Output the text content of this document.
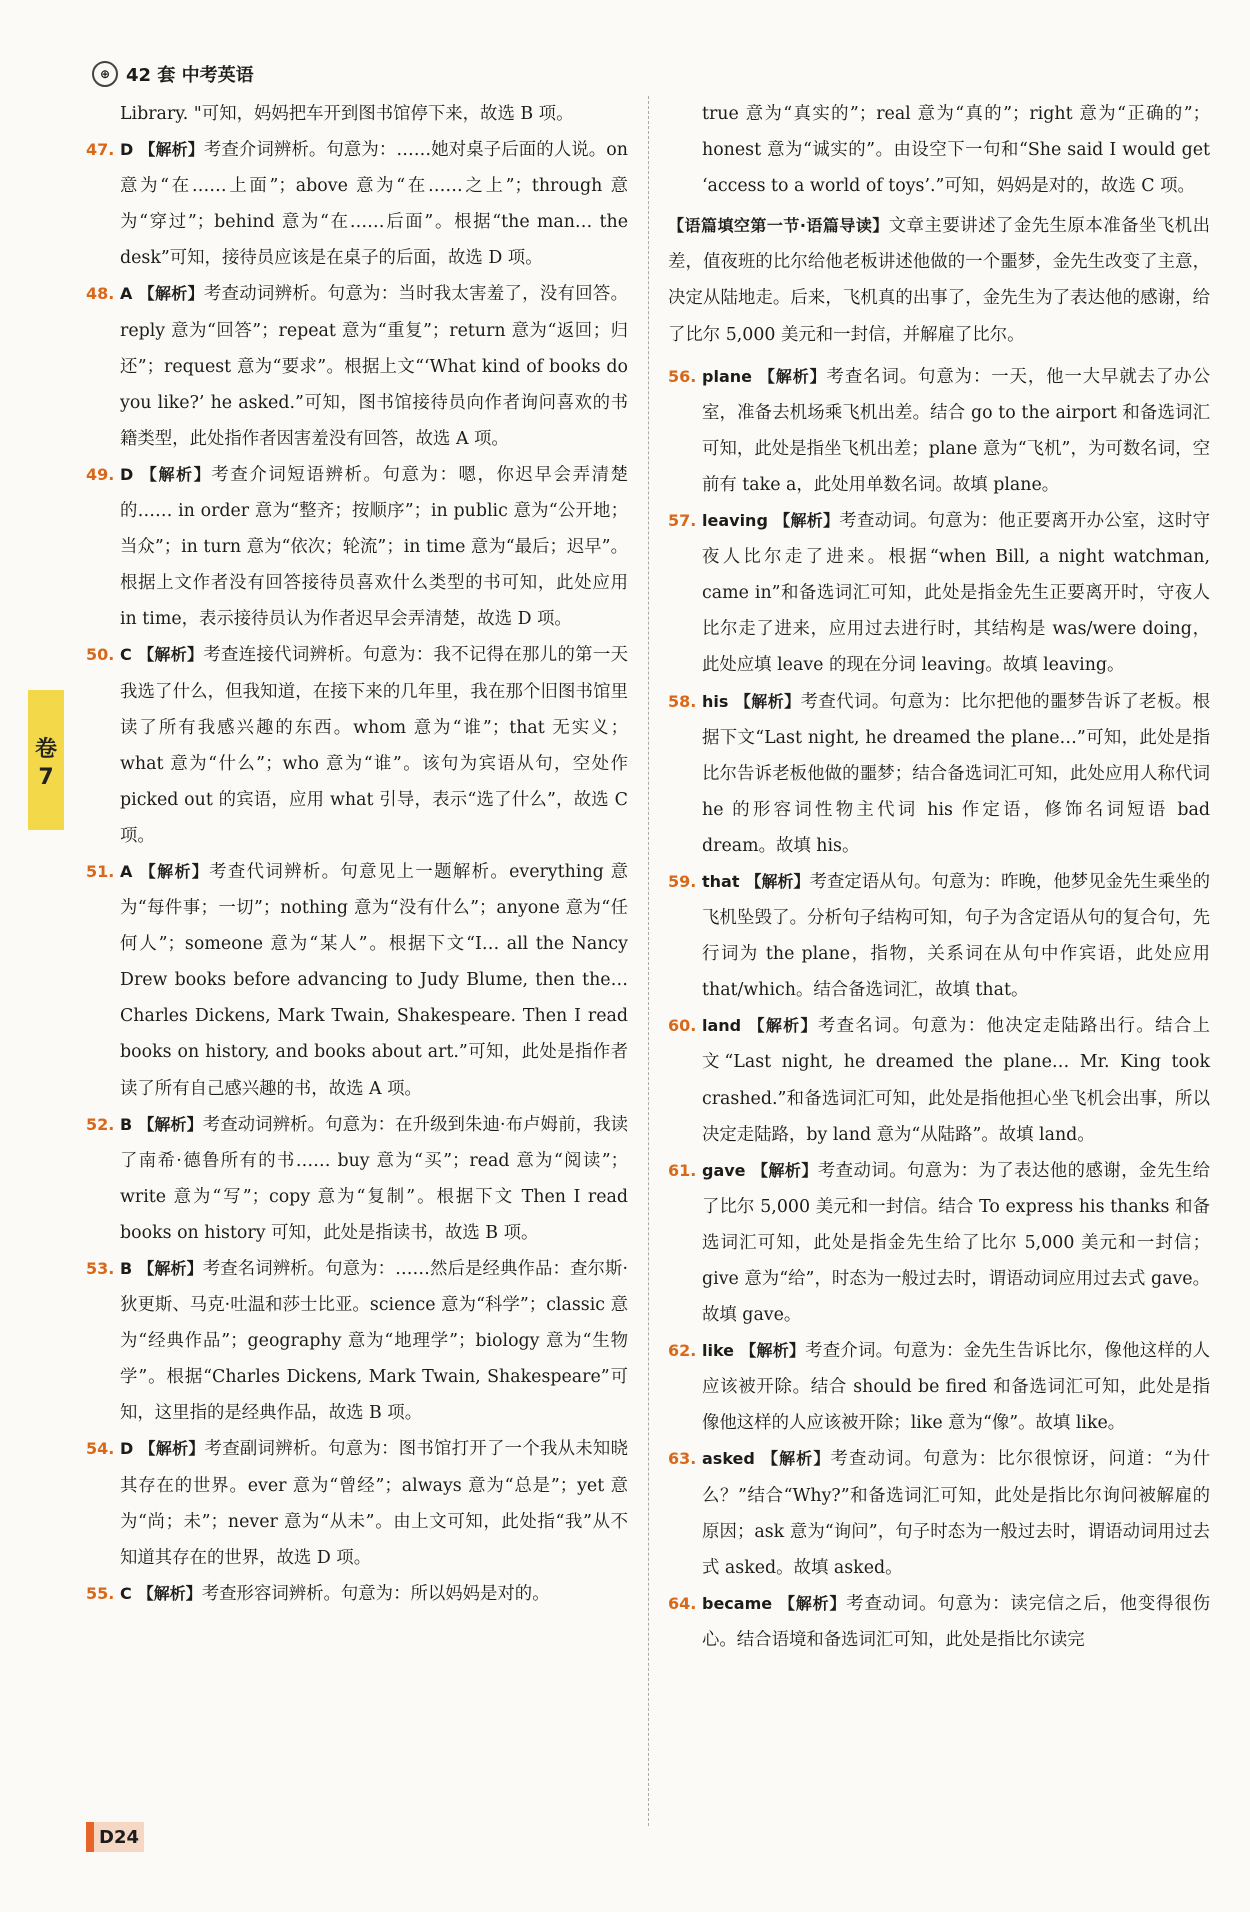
⊕ 42 套 中考英语
卷
7

Library. "可知，妈妈把车开到图书馆停下来，故选 B 项。

47. D 【解析】考查介词辨析。句意为：……她对桌子后面的人说。on 意为“在……上面”；above 意为“在……之上”；through 意为“穿过”；behind 意为“在……后面”。根据“the man… the desk”可知，接待员应该是在桌子的后面，故选 D 项。

48. A 【解析】考查动词辨析。句意为：当时我太害羞了，没有回答。reply 意为“回答”；repeat 意为“重复”；return 意为“返回；归还”；request 意为“要求”。根据上文“‘What kind of books do you like?’ he asked.”可知，图书馆接待员向作者询问喜欢的书籍类型，此处指作者因害羞没有回答，故选 A 项。

49. D 【解析】考查介词短语辨析。句意为：嗯，你迟早会弄清楚的…… in order 意为“整齐；按顺序”；in public 意为“公开地；当众”；in turn 意为“依次；轮流”；in time 意为“最后；迟早”。根据上文作者没有回答接待员喜欢什么类型的书可知，此处应用 in time，表示接待员认为作者迟早会弄清楚，故选 D 项。

50. C 【解析】考查连接代词辨析。句意为：我不记得在那儿的第一天我选了什么，但我知道，在接下来的几年里，我在那个旧图书馆里读了所有我感兴趣的东西。whom 意为“谁”；that 无实义；what 意为“什么”；who 意为“谁”。该句为宾语从句，空处作 picked out 的宾语，应用 what 引导，表示“选了什么”，故选 C 项。

51. A 【解析】考查代词辨析。句意见上一题解析。everything 意为“每件事；一切”；nothing 意为“没有什么”；anyone 意为“任何人”；someone 意为“某人”。根据下文“I… all the Nancy Drew books before advancing to Judy Blume, then the… Charles Dickens, Mark Twain, Shakespeare. Then I read books on history, and books about art.”可知，此处是指作者读了所有自己感兴趣的书，故选 A 项。

52. B 【解析】考查动词辨析。句意为：在升级到朱迪·布卢姆前，我读了南希·德鲁所有的书…… buy 意为“买”；read 意为“阅读”；write 意为“写”；copy 意为“复制”。根据下文 Then I read books on history 可知，此处是指读书，故选 B 项。

53. B 【解析】考查名词辨析。句意为：……然后是经典作品：查尔斯·狄更斯、马克·吐温和莎士比亚。science 意为“科学”；classic 意为“经典作品”；geography 意为“地理学”；biology 意为“生物学”。根据“Charles Dickens, Mark Twain, Shakespeare”可知，这里指的是经典作品，故选 B 项。

54. D 【解析】考查副词辨析。句意为：图书馆打开了一个我从未知晓其存在的世界。ever 意为“曾经”；always 意为“总是”；yet 意为“尚；未”；never 意为“从未”。由上文可知，此处指“我”从不知道其存在的世界，故选 D 项。

55. C 【解析】考查形容词辨析。句意为：所以妈妈是对的。

true 意为“真实的”；real 意为“真的”；right 意为“正确的”；honest 意为“诚实的”。由设空下一句和“She said I would get ‘access to a world of toys’.”可知，妈妈是对的，故选 C 项。

【语篇填空第一节·语篇导读】文章主要讲述了金先生原本准备坐飞机出差，值夜班的比尔给他老板讲述他做的一个噩梦，金先生改变了主意，决定从陆地走。后来，飞机真的出事了，金先生为了表达他的感谢，给了比尔 5,000 美元和一封信，并解雇了比尔。

56. plane 【解析】考查名词。句意为：一天，他一大早就去了办公室，准备去机场乘飞机出差。结合 go to the airport 和备选词汇可知，此处是指坐飞机出差；plane 意为“飞机”，为可数名词，空前有 take a，此处用单数名词。故填 plane。

57. leaving 【解析】考查动词。句意为：他正要离开办公室，这时守夜人比尔走了进来。根据“when Bill, a night watchman, came in”和备选词汇可知，此处是指金先生正要离开时，守夜人比尔走了进来，应用过去进行时，其结构是 was/were doing，此处应填 leave 的现在分词 leaving。故填 leaving。

58. his 【解析】考查代词。句意为：比尔把他的噩梦告诉了老板。根据下文“Last night, he dreamed the plane…”可知，此处是指比尔告诉老板他做的噩梦；结合备选词汇可知，此处应用人称代词 he 的形容词性物主代词 his 作定语，修饰名词短语 bad dream。故填 his。

59. that 【解析】考查定语从句。句意为：昨晚，他梦见金先生乘坐的飞机坠毁了。分析句子结构可知，句子为含定语从句的复合句，先行词为 the plane，指物，关系词在从句中作宾语，此处应用 that/which。结合备选词汇，故填 that。

60. land 【解析】考查名词。句意为：他决定走陆路出行。结合上文“Last night, he dreamed the plane… Mr. King took crashed.”和备选词汇可知，此处是指他担心坐飞机会出事，所以决定走陆路，by land 意为“从陆路”。故填 land。

61. gave 【解析】考查动词。句意为：为了表达他的感谢，金先生给了比尔 5,000 美元和一封信。结合 To express his thanks 和备选词汇可知，此处是指金先生给了比尔 5,000 美元和一封信；give 意为“给”，时态为一般过去时，谓语动词应用过去式 gave。故填 gave。

62. like 【解析】考查介词。句意为：金先生告诉比尔，像他这样的人应该被开除。结合 should be fired 和备选词汇可知，此处是指像他这样的人应该被开除；like 意为“像”。故填 like。

63. asked 【解析】考查动词。句意为：比尔很惊讶，问道：“为什么？”结合“Why?”和备选词汇可知，此处是指比尔询问被解雇的原因；ask 意为“询问”，句子时态为一般过去时，谓语动词用过去式 asked。故填 asked。

64. became 【解析】考查动词。句意为：读完信之后，他变得很伤心。结合语境和备选词汇可知，此处是指比尔读完

D24
